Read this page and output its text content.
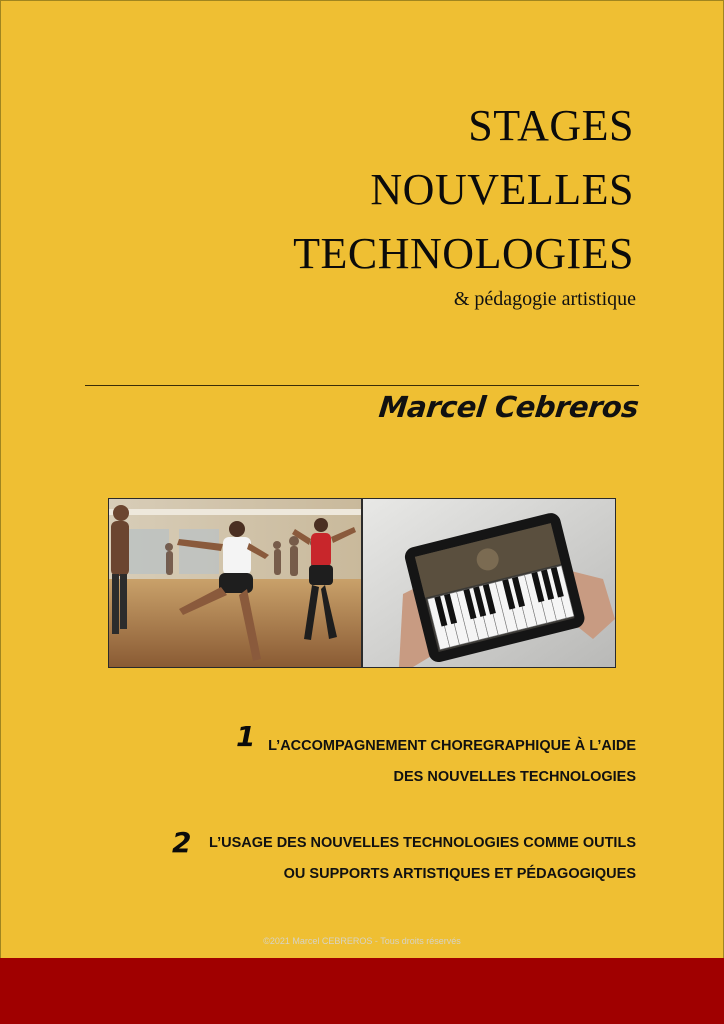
STAGES
NOUVELLES
TECHNOLOGIES
& pédagogie artistique
Marcel Cebreros
1 L’ACCOMPAGNEMENT CHOREGRAPHIQUE À L’AIDE
DES NOUVELLES TECHNOLOGIES
2 L’USAGE DES NOUVELLES TECHNOLOGIES COMME OUTILS
OU SUPPORTS ARTISTIQUES ET PÉDAGOGIQUES
©2021 Marcel CEBREROS - Tous droits réservés
